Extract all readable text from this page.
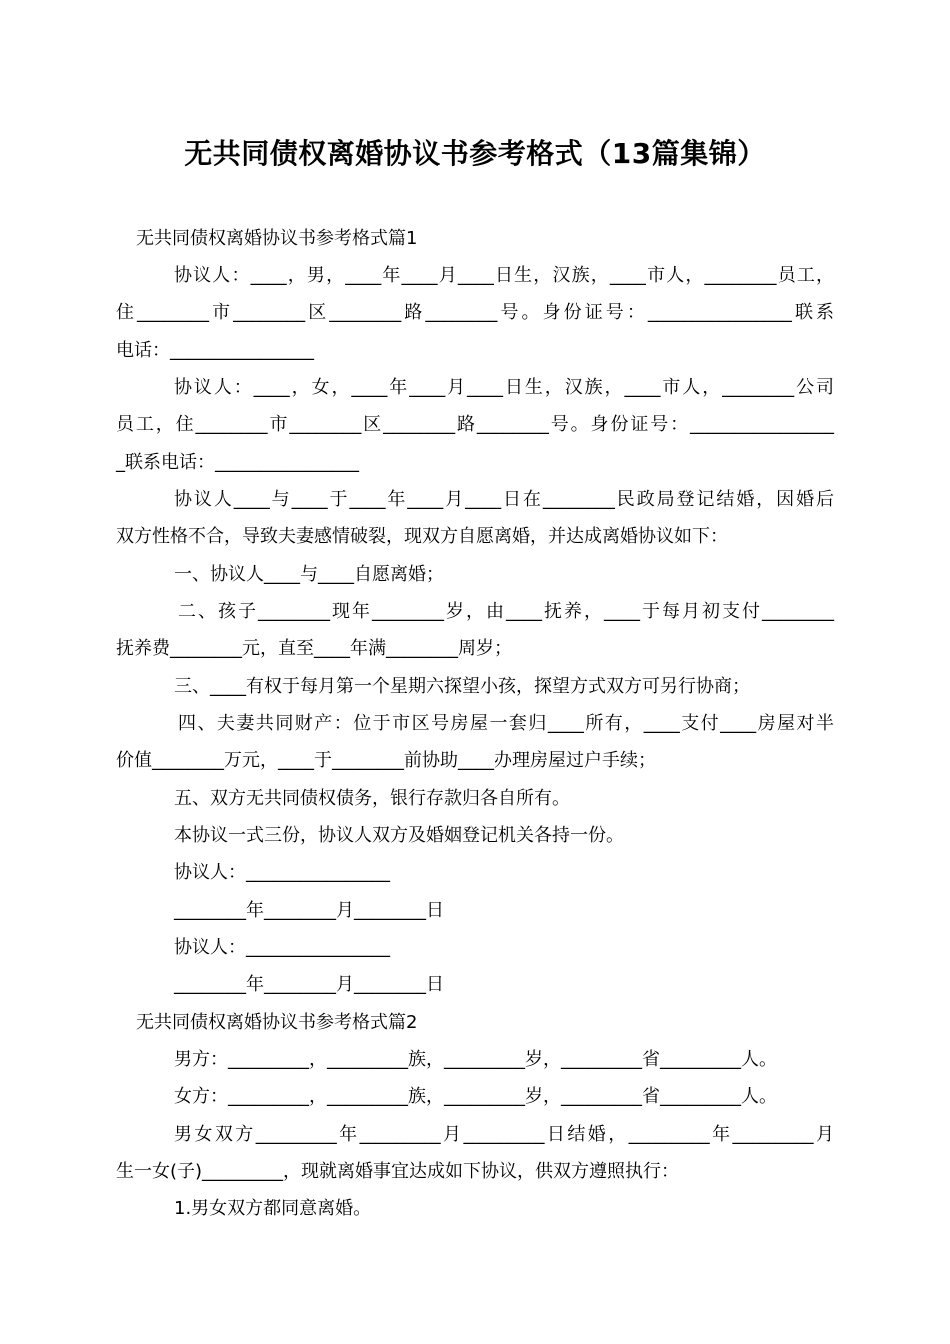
无共同债权离婚协议书参考格式（13篇集锦）
无共同债权离婚协议书参考格式篇1
协议人：____，男，____年____月____日生，汉族，____市人，________员工，
住________市________区________路________号。身份证号：________________联系
电话：________________
协议人：____，女，____年____月____日生，汉族，____市人，________公司
员工，住________市________区________路________号。身份证号：________________
_联系电话：________________
协议人____与____于____年____月____日在________民政局登记结婚，因婚后
双方性格不合，导致夫妻感情破裂，现双方自愿离婚，并达成离婚协议如下：
一、协议人____与____自愿离婚；
二、孩子________现年________岁，由____抚养，____于每月初支付________
抚养费________元，直至____年满________周岁；
三、____有权于每月第一个星期六探望小孩，探望方式双方可另行协商；
四、夫妻共同财产：位于市区号房屋一套归____所有，____支付____房屋对半
价值________万元，____于________前协助____办理房屋过户手续；
五、双方无共同债权债务，银行存款归各自所有。
本协议一式三份，协议人双方及婚姻登记机关各持一份。
协议人：________________
________年________月________日
协议人：________________
________年________月________日
无共同债权离婚协议书参考格式篇2
男方：_________，_________族，_________岁，_________省_________人。
女方：_________，_________族，_________岁，_________省_________人。
男女双方_________年_________月_________日结婚，_________年_________月
生一女(子)_________，现就离婚事宜达成如下协议，供双方遵照执行：
1.男女双方都同意离婚。
